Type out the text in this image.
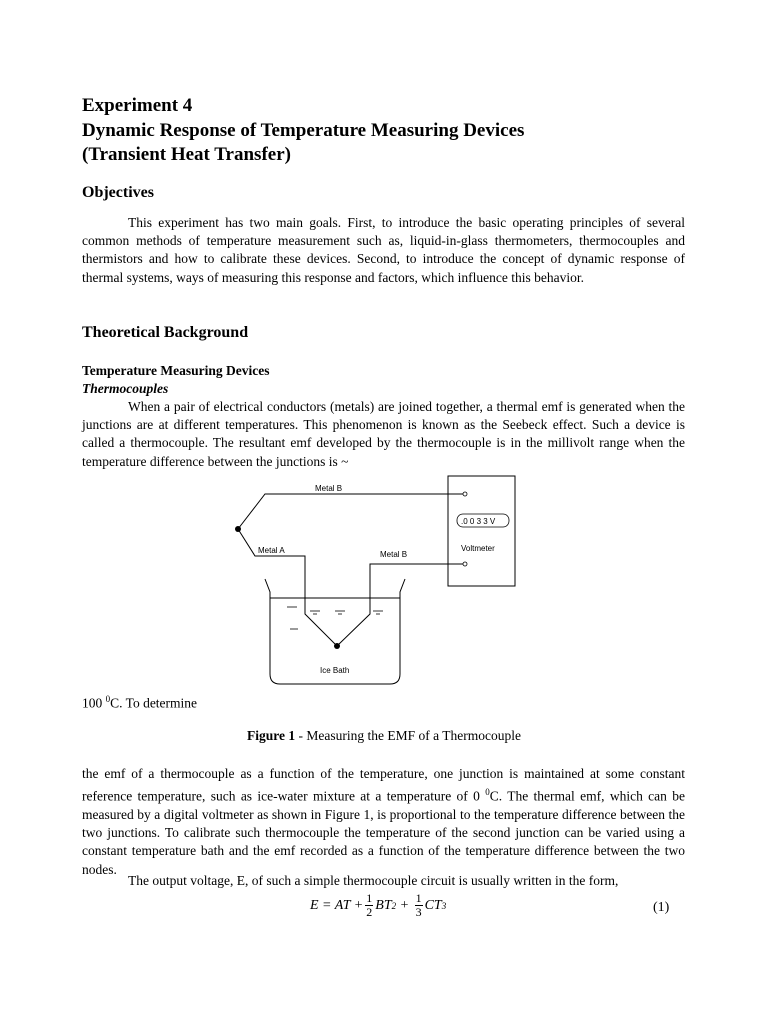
Experiment 4
Dynamic Response of Temperature Measuring Devices
(Transient Heat Transfer)
Objectives

This experiment has two main goals. First, to introduce the basic operating principles of several common methods of temperature measurement such as, liquid-in-glass thermometers, thermocouples and thermistors and how to calibrate these devices. Second, to introduce the concept of dynamic response of thermal systems, ways of measuring this response and factors, which influence this behavior.

Theoretical Background
Temperature Measuring Devices
Thermocouples

When a pair of electrical conductors (metals) are joined together, a thermal emf is generated when the junctions are at different temperatures. This phenomenon is known as the Seebeck effect. Such a device is called a thermocouple. The resultant emf developed by the thermocouple is in the millivolt range when the temperature difference between the junctions is ~

Metal B
Metal A	Metal B
.0 0 3 3 V
Voltmeter
Ice Bath
100 $^0$C. To determine
Figure 1 - Measuring the EMF of a Thermocouple

the emf of a thermocouple as a function of the temperature, one junction is maintained at some constant reference temperature, such as ice-water mixture at a temperature of 0 $^0$C. The thermal emf, which can be measured by a digital voltmeter as shown in Figure 1, is proportional to the temperature difference between the two junctions. To calibrate such thermocouple the temperature of the second junction can be varied using a constant temperature bath and the emf recorded as a function of the temperature difference between the two nodes.

The output voltage, E, of such a simple thermocouple circuit is usually written in the form,

E = AT + $\frac{1}{2}$ BT $2 + \frac{1}{3}$ CT 3	(1)
